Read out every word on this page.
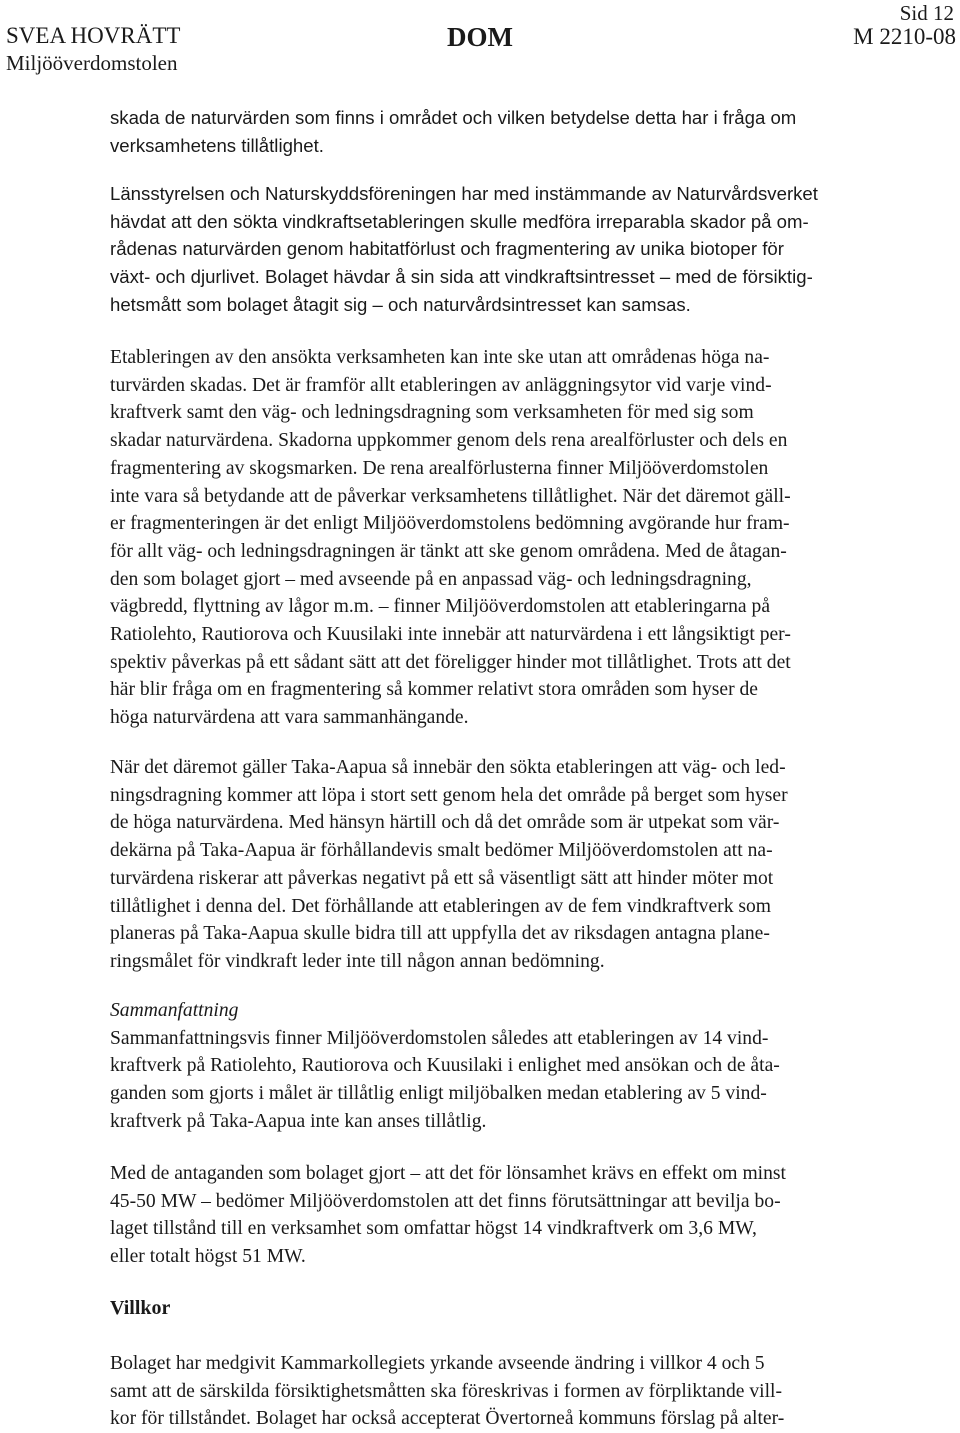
SVEA HOVRÄTT
Miljööverdomstolen
DOM
Sid 12
M 2210-08
skada de naturvärden som finns i området och vilken betydelse detta har i fråga om
verksamhetens tillåtlighet.
Länsstyrelsen och Naturskyddsföreningen har med instämmande av Naturvårdsverket
hävdat att den sökta vindkraftsetableringen skulle medföra irreparabla skador på om-
rådenas naturvärden genom habitatförlust och fragmentering av unika biotoper för
växt- och djurlivet. Bolaget hävdar å sin sida att vindkraftsintresset – med de försiktig-
hetsmått som bolaget åtagit sig – och naturvårdsintresset kan samsas.
Etableringen av den ansökta verksamheten kan inte ske utan att områdenas höga na-
turvärden skadas. Det är framför allt etableringen av anläggningsytor vid varje vind-
kraftverk samt den väg- och ledningsdragning som verksamheten för med sig som
skadar naturvärdena. Skadorna uppkommer genom dels rena arealförluster och dels en
fragmentering av skogsmarken. De rena arealförlusterna finner Miljööverdomstolen
inte vara så betydande att de påverkar verksamhetens tillåtlighet. När det däremot gäll-
er fragmenteringen är det enligt Miljööverdomstolens bedömning avgörande hur fram-
för allt väg- och ledningsdragningen är tänkt att ske genom områdena. Med de åtagan-
den som bolaget gjort – med avseende på en anpassad väg- och ledningsdragning,
vägbredd, flyttning av lågor m.m. – finner Miljööverdomstolen att etableringarna på
Ratiolehto, Rautiorova och Kuusilaki inte innebär att naturvärdena i ett långsiktigt per-
spektiv påverkas på ett sådant sätt att det föreligger hinder mot tillåtlighet. Trots att det
här blir fråga om en fragmentering så kommer relativt stora områden som hyser de
höga naturvärdena att vara sammanhängande.
När det däremot gäller Taka-Aapua så innebär den sökta etableringen att väg- och led-
ningsdragning kommer att löpa i stort sett genom hela det område på berget som hyser
de höga naturvärdena. Med hänsyn härtill och då det område som är utpekat som vär-
dekärna på Taka-Aapua är förhållandevis smalt bedömer Miljööverdomstolen att na-
turvärdena riskerar att påverkas negativt på ett så väsentligt sätt att hinder möter mot
tillåtlighet i denna del. Det förhållande att etableringen av de fem vindkraftverk som
planeras på Taka-Aapua skulle bidra till att uppfylla det av riksdagen antagna plane-
ringsmålet för vindkraft leder inte till någon annan bedömning.
Sammanfattning
Sammanfattningsvis finner Miljööverdomstolen således att etableringen av 14 vind-
kraftverk på Ratiolehto, Rautiorova och Kuusilaki i enlighet med ansökan och de åta-
ganden som gjorts i målet är tillåtlig enligt miljöbalken medan etablering av 5 vind-
kraftverk på Taka-Aapua inte kan anses tillåtlig.
Med de antaganden som bolaget gjort – att det för lönsamhet krävs en effekt om minst
45-50 MW – bedömer Miljööverdomstolen att det finns förutsättningar att bevilja bo-
laget tillstånd till en verksamhet som omfattar högst 14 vindkraftverk om 3,6 MW,
eller totalt högst 51 MW.
Villkor
Bolaget har medgivit Kammarkollegiets yrkande avseende ändring i villkor 4 och 5
samt att de särskilda försiktighetsmåtten ska föreskrivas i formen av förpliktande vill-
kor för tillståndet. Bolaget har också accepterat Övertorneå kommuns förslag på alter-
